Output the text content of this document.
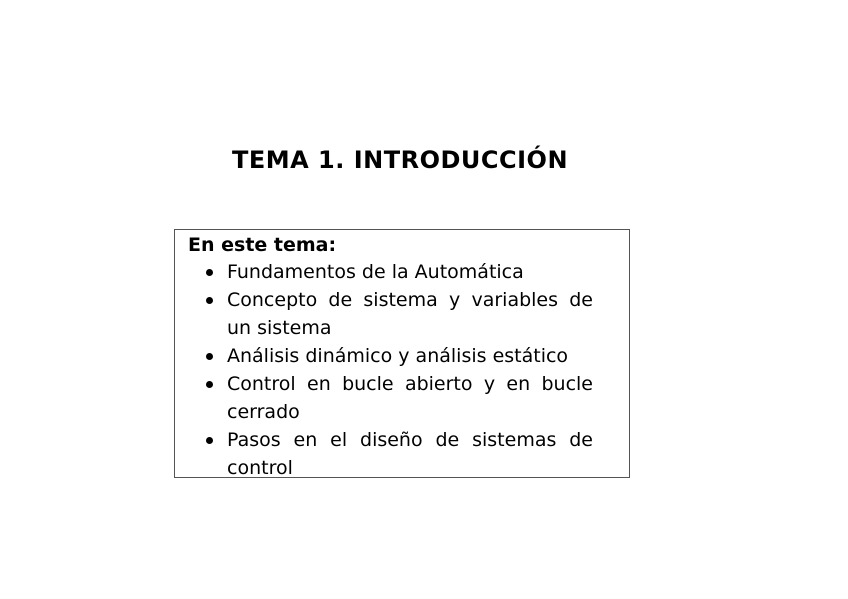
TEMA 1. INTRODUCCIÓN
En este tema:
Fundamentos de la Automática
Concepto de sistema y variables de un sistema
Análisis dinámico y análisis estático
Control en bucle abierto y en bucle cerrado
Pasos en el diseño de sistemas de control
